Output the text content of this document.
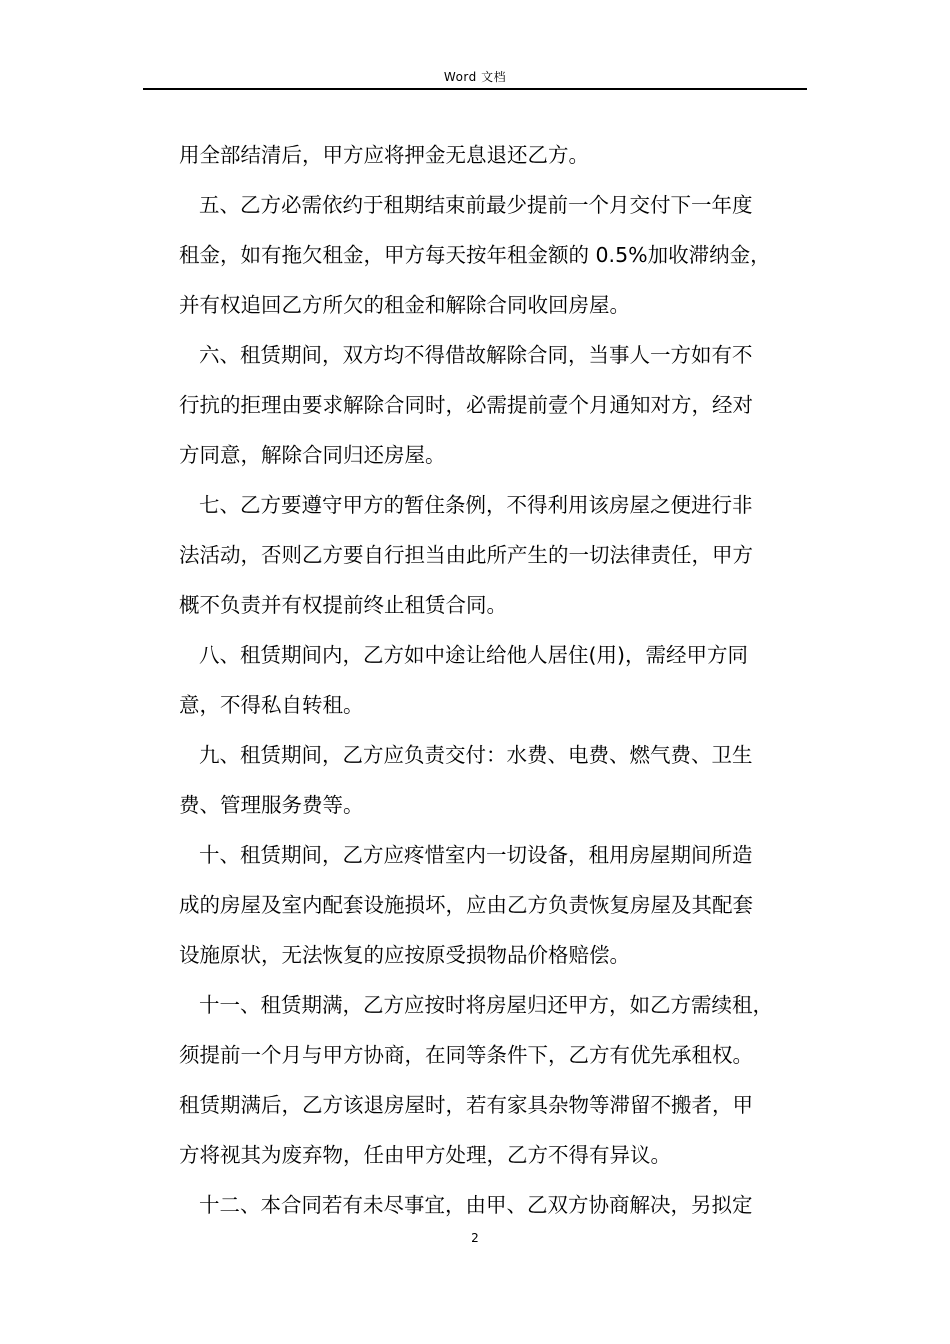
Word 文档
用全部结清后，甲方应将押金无息退还乙方。
五、乙方必需依约于租期结束前最少提前一个月交付下一年度
租金，如有拖欠租金，甲方每天按年租金额的 0.5%加收滞纳金，
并有权追回乙方所欠的租金和解除合同收回房屋。
六、租赁期间，双方均不得借故解除合同，当事人一方如有不
行抗的拒理由要求解除合同时，必需提前壹个月通知对方，经对
方同意，解除合同归还房屋。
七、乙方要遵守甲方的暂住条例，不得利用该房屋之便进行非
法活动，否则乙方要自行担当由此所产生的一切法律责任，甲方
概不负责并有权提前终止租赁合同。
八、租赁期间内，乙方如中途让给他人居住(用)，需经甲方同
意，不得私自转租。
九、租赁期间，乙方应负责交付：水费、电费、燃气费、卫生
费、管理服务费等。
十、租赁期间，乙方应疼惜室内一切设备，租用房屋期间所造
成的房屋及室内配套设施损坏，应由乙方负责恢复房屋及其配套
设施原状，无法恢复的应按原受损物品价格赔偿。
十一、租赁期满，乙方应按时将房屋归还甲方，如乙方需续租，
须提前一个月与甲方协商，在同等条件下，乙方有优先承租权。
租赁期满后，乙方该退房屋时，若有家具杂物等滞留不搬者，甲
方将视其为废弃物，任由甲方处理，乙方不得有异议。
十二、本合同若有未尽事宜，由甲、乙双方协商解决，另拟定
2
